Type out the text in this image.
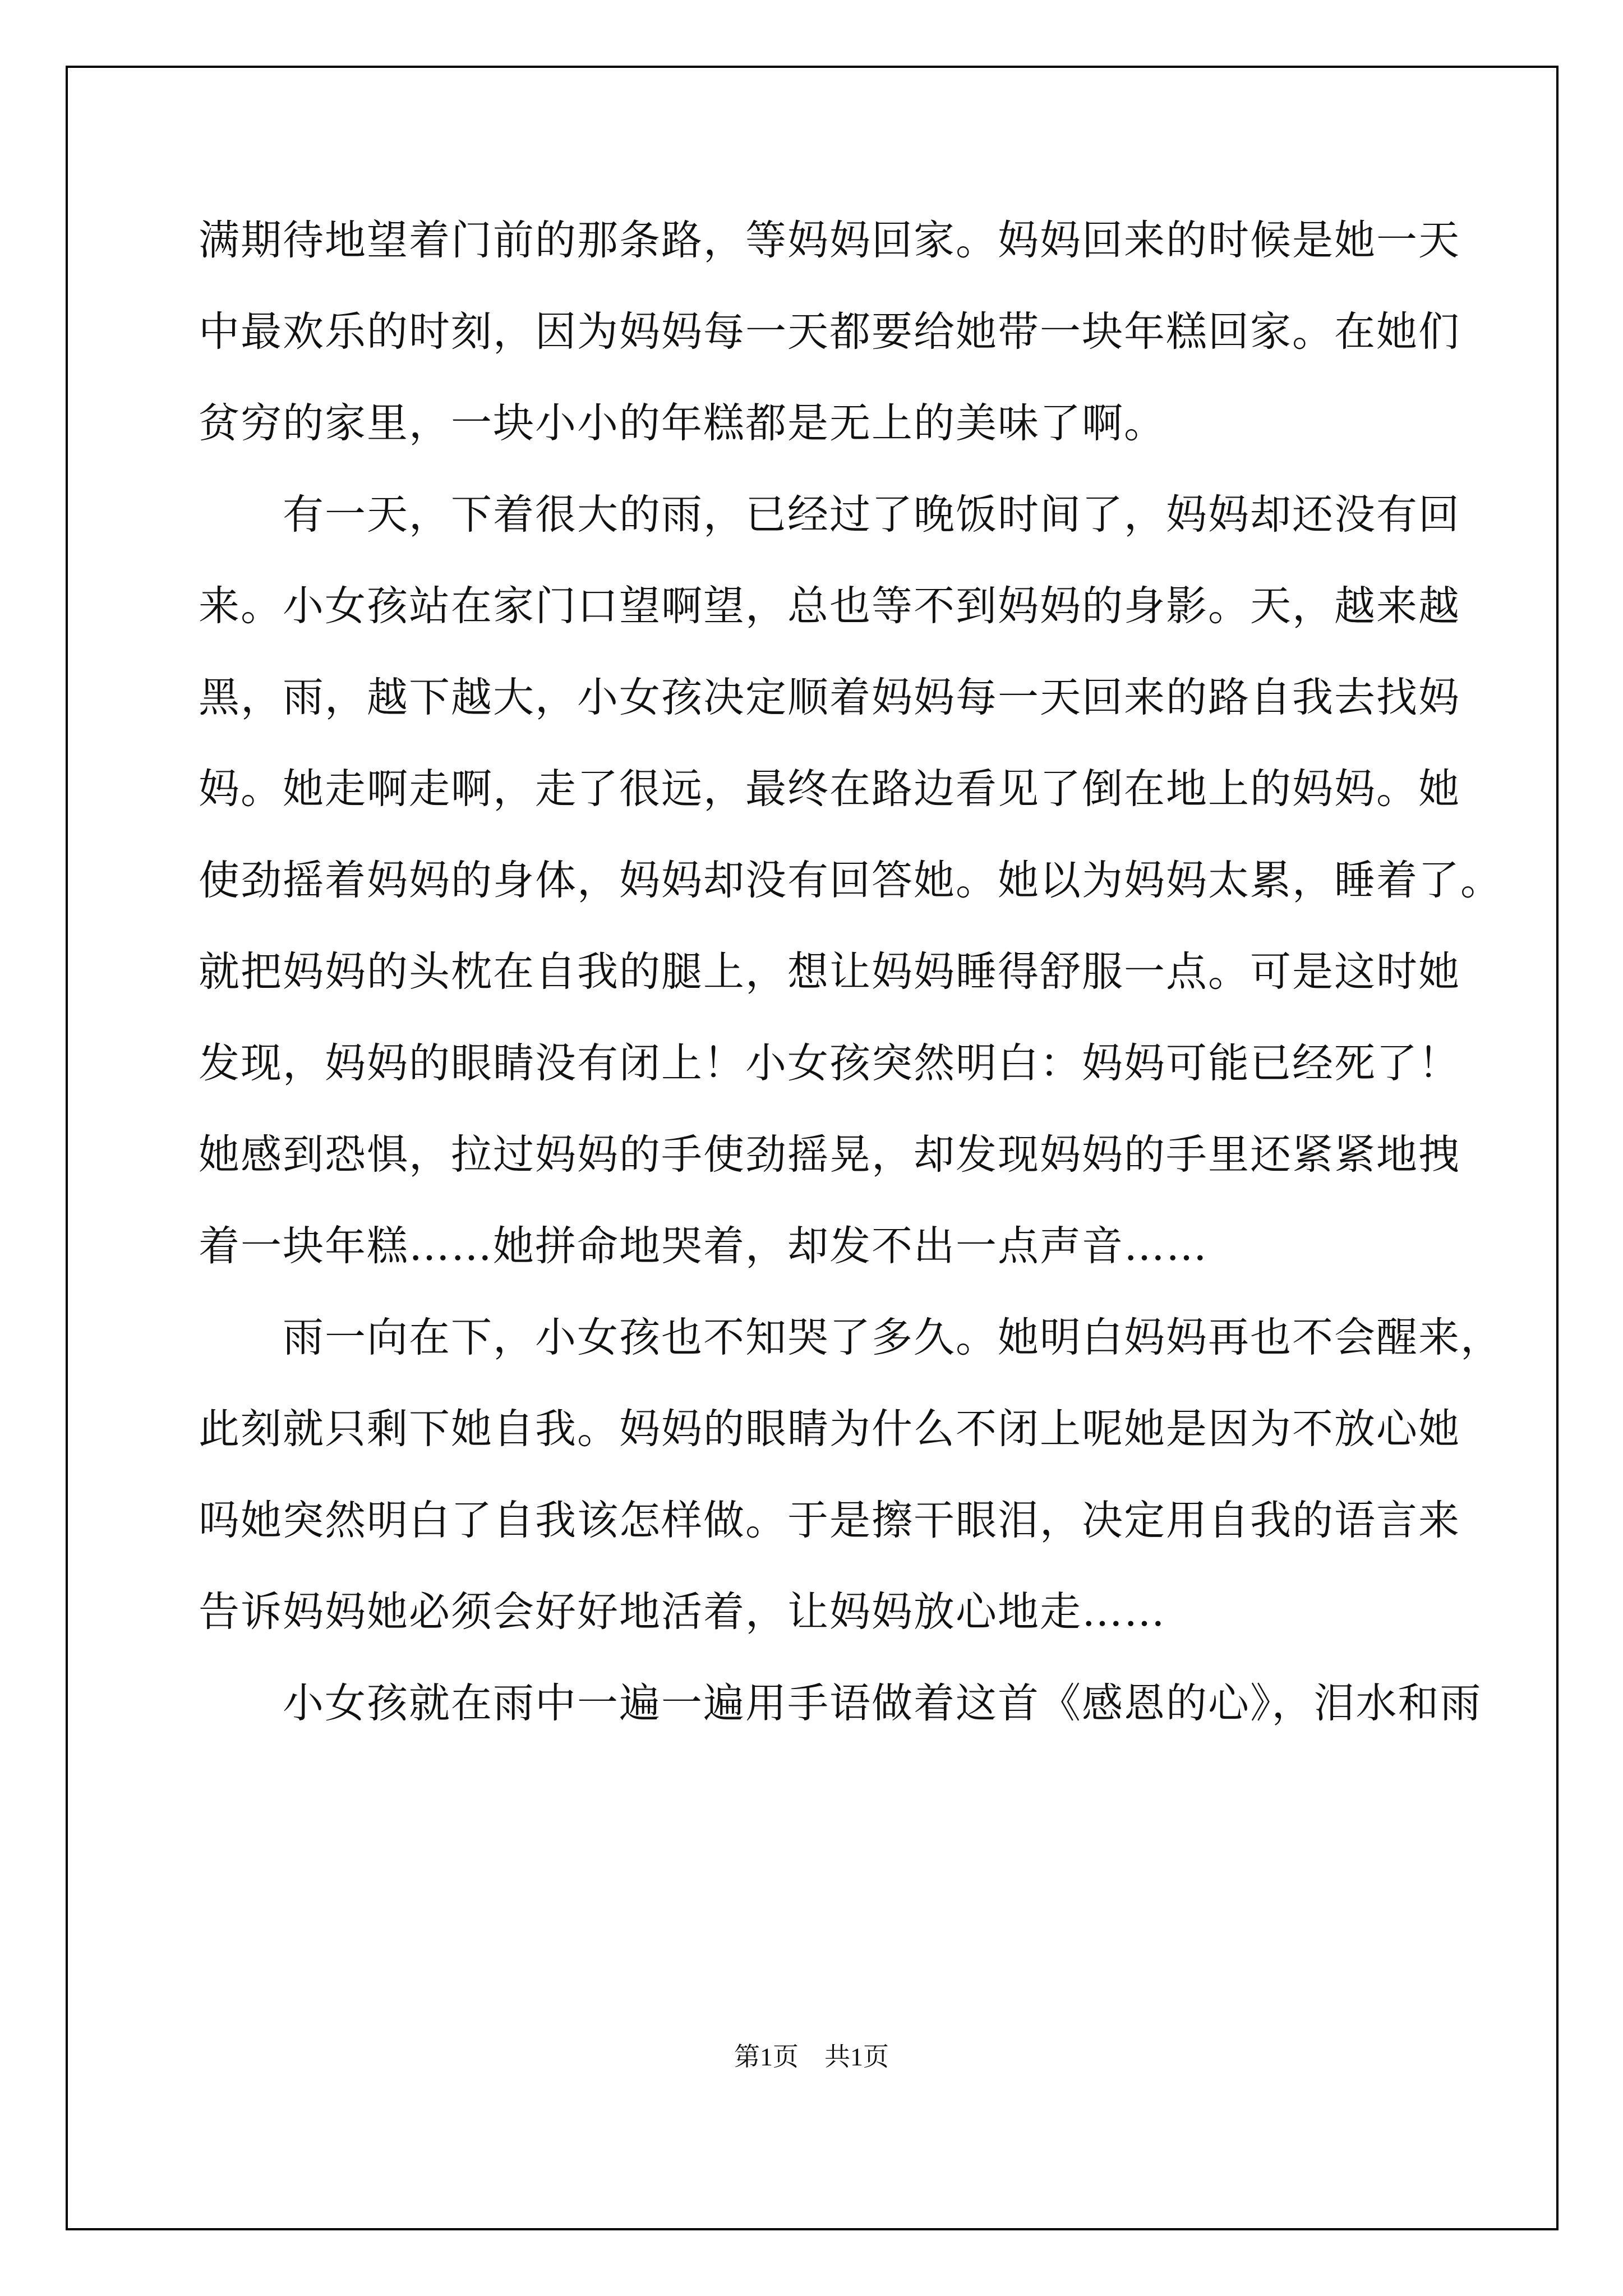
满期待地望着门前的那条路，等妈妈回家。妈妈回来的时候是她一天
中最欢乐的时刻，因为妈妈每一天都要给她带一块年糕回家。在她们
贫穷的家里，一块小小的年糕都是无上的美味了啊。
　　有一天，下着很大的雨，已经过了晚饭时间了，妈妈却还没有回
来。小女孩站在家门口望啊望，总也等不到妈妈的身影。天，越来越
黑，雨，越下越大，小女孩决定顺着妈妈每一天回来的路自我去找妈
妈。她走啊走啊，走了很远，最终在路边看见了倒在地上的妈妈。她
使劲摇着妈妈的身体，妈妈却没有回答她。她以为妈妈太累，睡着了。
就把妈妈的头枕在自我的腿上，想让妈妈睡得舒服一点。可是这时她
发现，妈妈的眼睛没有闭上！小女孩突然明白：妈妈可能已经死了！
她感到恐惧，拉过妈妈的手使劲摇晃，却发现妈妈的手里还紧紧地拽
着一块年糕……她拼命地哭着，却发不出一点声音……
　　雨一向在下，小女孩也不知哭了多久。她明白妈妈再也不会醒来，
此刻就只剩下她自我。妈妈的眼睛为什么不闭上呢她是因为不放心她
吗她突然明白了自我该怎样做。于是擦干眼泪，决定用自我的语言来
告诉妈妈她必须会好好地活着，让妈妈放心地走……
　　小女孩就在雨中一遍一遍用手语做着这首《感恩的心》，泪水和雨
第1页　共1页
